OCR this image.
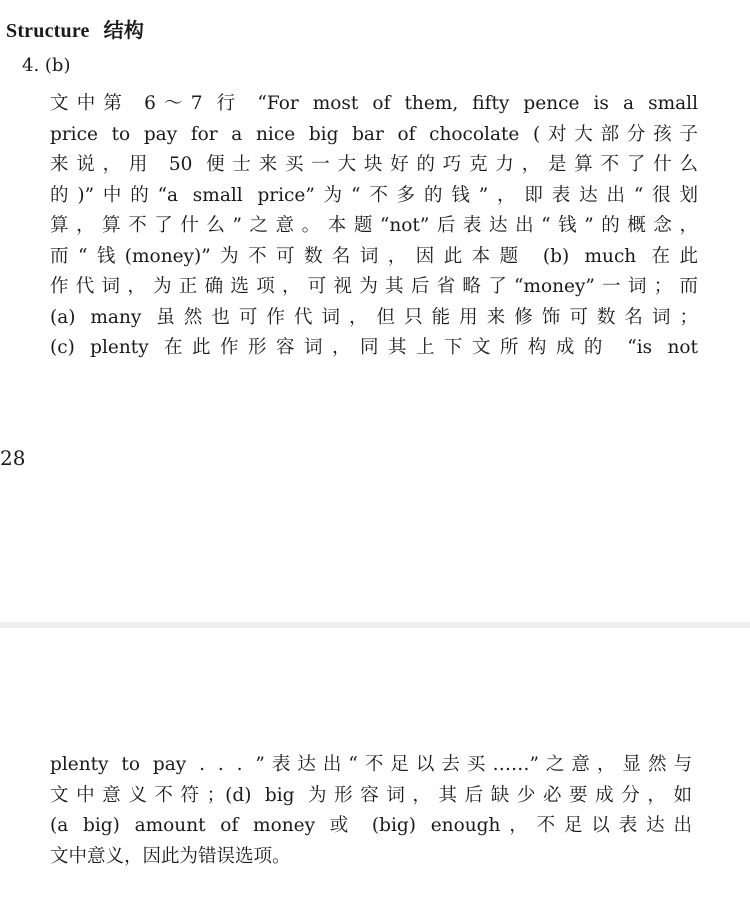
Structure 结构
4. (b)
文中第 6～7 行 “For most of them, fifty pence is a small
price to pay for a nice big bar of chocolate (对大部分孩子
来说，用 50 便士来买一大块好的巧克力，是算不了什么
的)”中的“a small price”为“不多的钱”，即表达出“很划
算，算不了什么”之意。本题“not”后表达出“钱”的概念，
而“钱(money)”为不可数名词，因此本题 (b) much 在此
作代词，为正确选项，可视为其后省略了“money”一词；而
(a) many 虽然也可作代词，但只能用来修饰可数名词；
(c) plenty 在此作形容词，同其上下文所构成的 “is not
28
plenty to pay . . . ”表达出“不足以去买……”之意，显然与
文中意义不符；(d) big 为形容词，其后缺少必要成分，如
(a big) amount of money 或 (big) enough，不足以表达出
文中意义，因此为错误选项。
